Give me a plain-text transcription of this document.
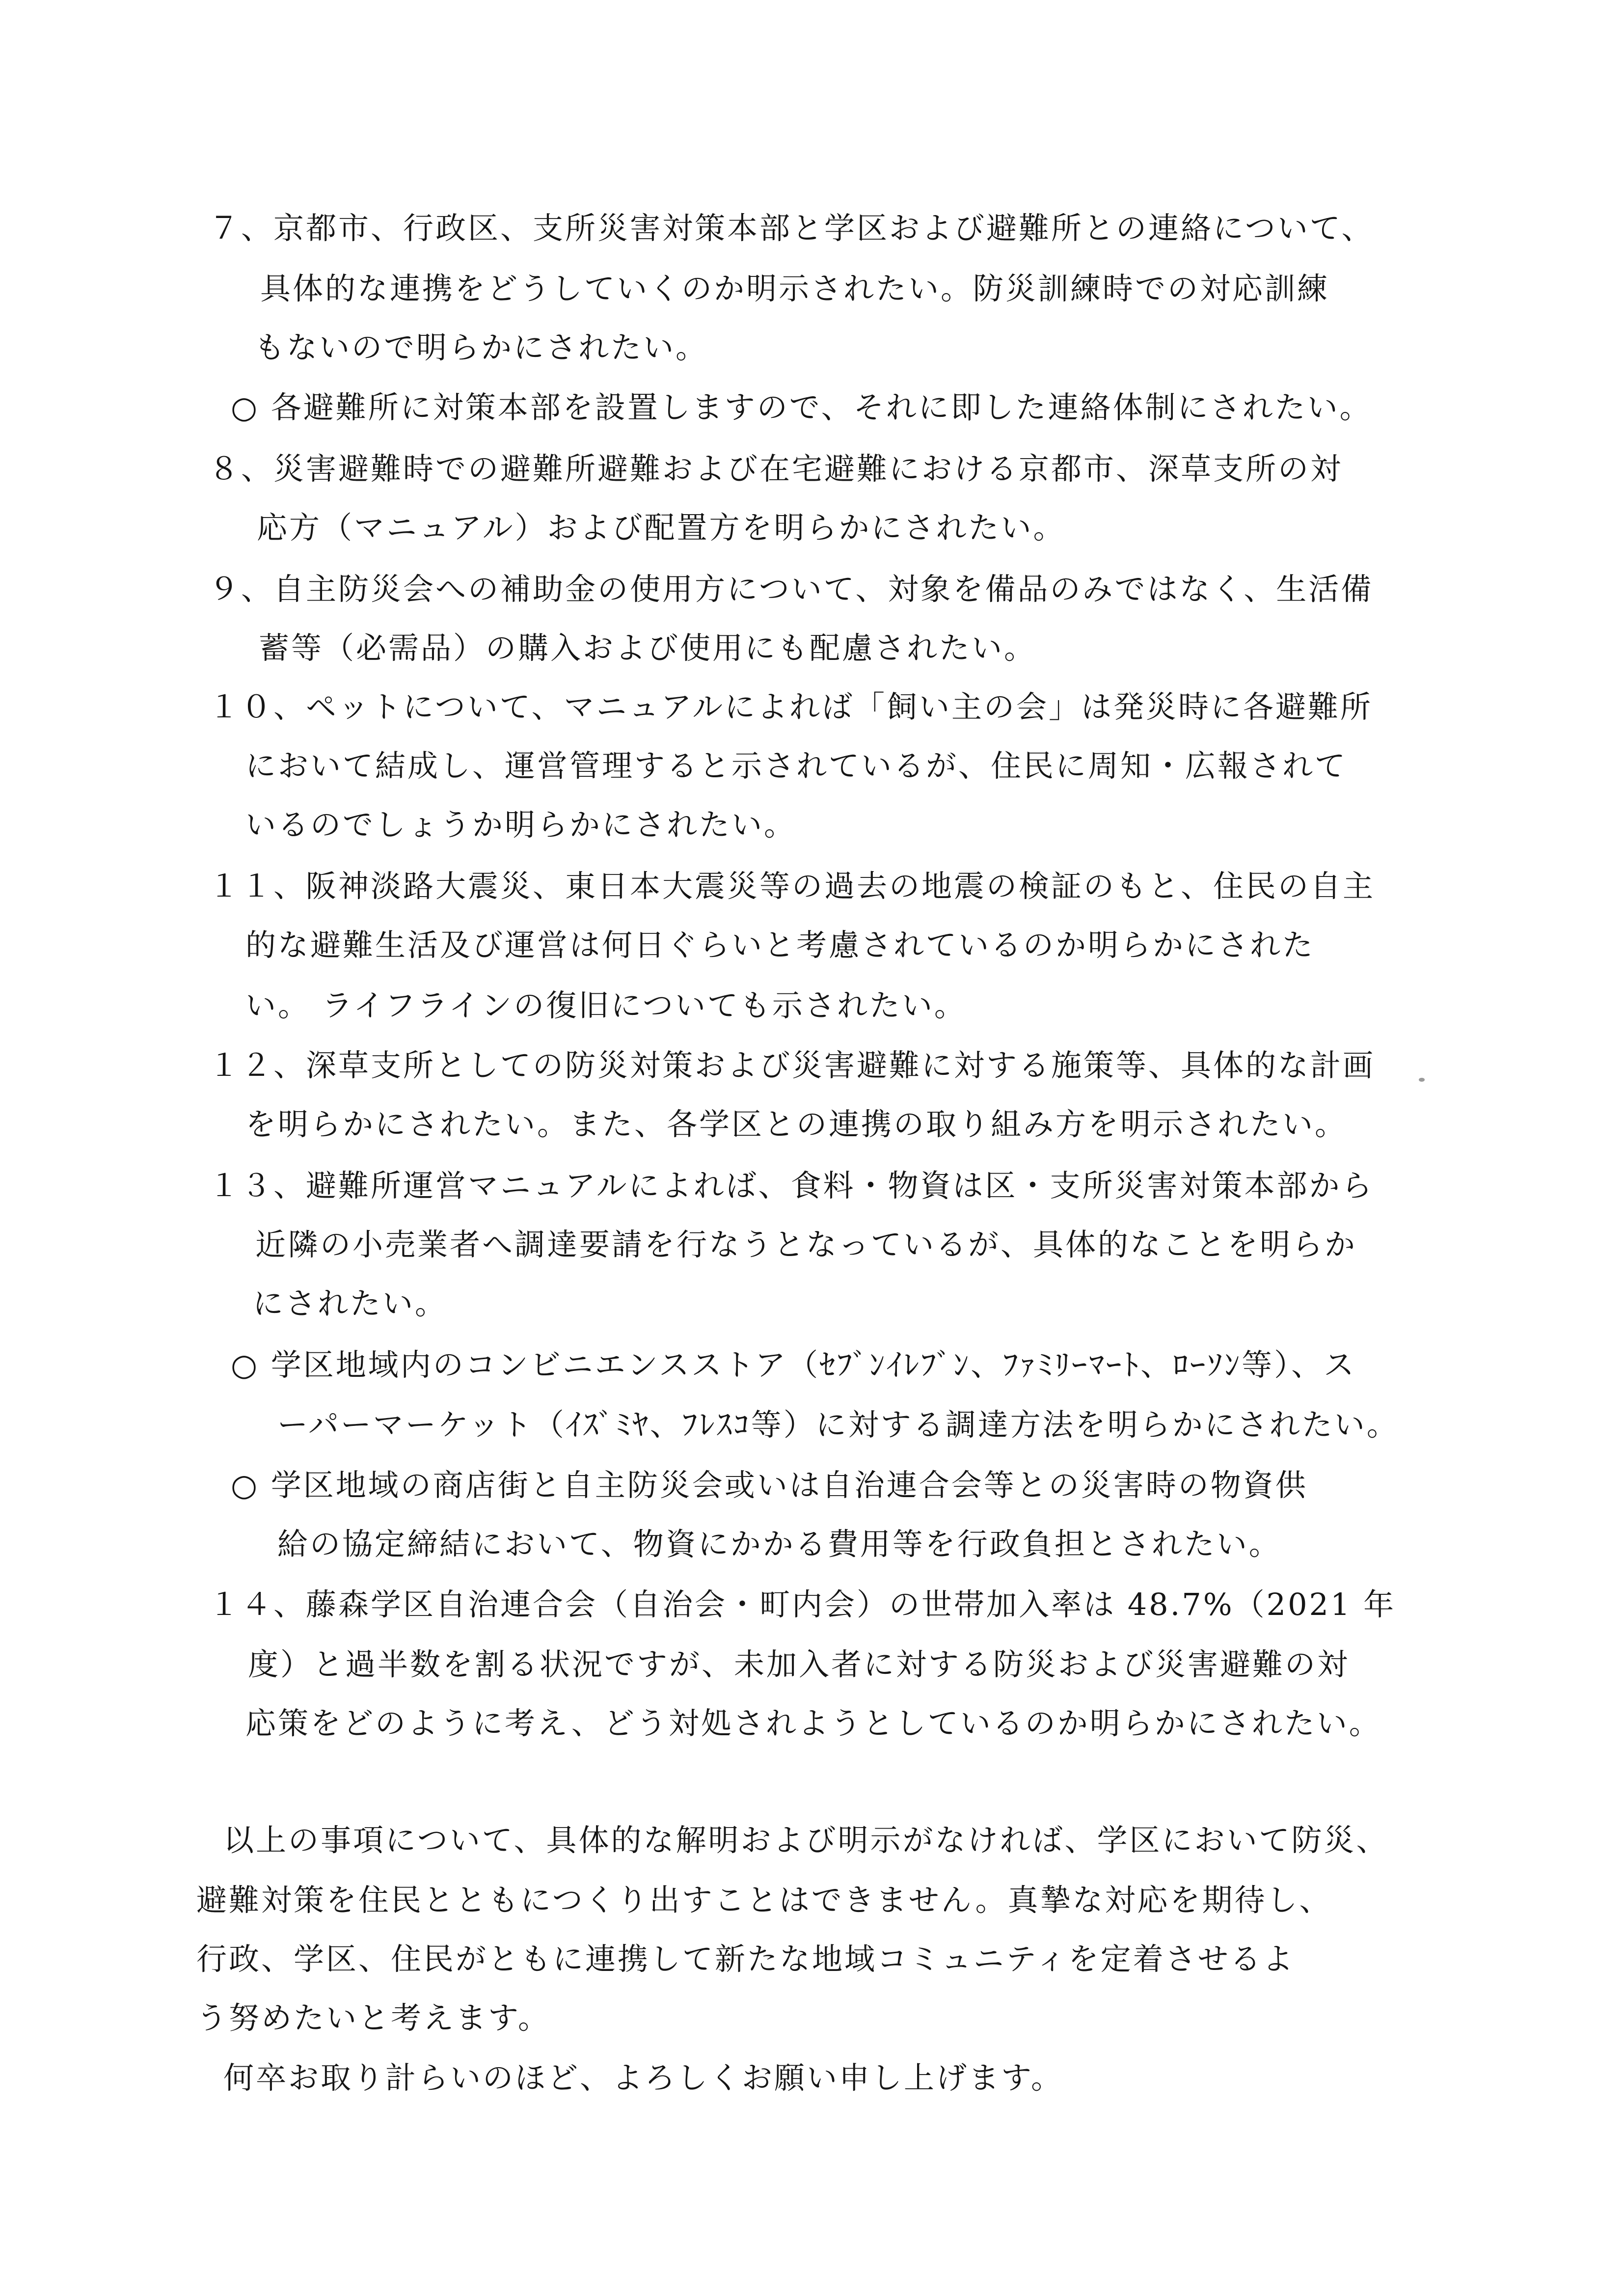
７、京都市、行政区、支所災害対策本部と学区および避難所との連絡について、
具体的な連携をどうしていくのか明示されたい。防災訓練時での対応訓練
もないので明らかにされたい。
○ 各避難所に対策本部を設置しますので、それに即した連絡体制にされたい。
８、災害避難時での避難所避難および在宅避難における京都市、深草支所の対
応方（マニュアル）および配置方を明らかにされたい。
９、自主防災会への補助金の使用方について、対象を備品のみではなく、生活備
蓄等（必需品）の購入および使用にも配慮されたい。
１０、ペットについて、マニュアルによれば「飼い主の会」は発災時に各避難所
において結成し、運営管理すると示されているが、住民に周知・広報されて
いるのでしょうか明らかにされたい。
１１、阪神淡路大震災、東日本大震災等の過去の地震の検証のもと、住民の自主
的な避難生活及び運営は何日ぐらいと考慮されているのか明らかにされた
い。 ライフラインの復旧についても示されたい。
１２、深草支所としての防災対策および災害避難に対する施策等、具体的な計画
を明らかにされたい。また、各学区との連携の取り組み方を明示されたい。
１３、避難所運営マニュアルによれば、食料・物資は区・支所災害対策本部から
近隣の小売業者へ調達要請を行なうとなっているが、具体的なことを明らか
にされたい。
○ 学区地域内のコンビニエンスストア（ｾﾌﾞﾝｲﾚﾌﾞﾝ、ﾌｧﾐﾘｰﾏｰﾄ、ﾛｰｿﾝ等）、ス
ーパーマーケット（ｲｽﾞﾐﾔ、ﾌﾚｽｺ等）に対する調達方法を明らかにされたい。
○ 学区地域の商店街と自主防災会或いは自治連合会等との災害時の物資供
給の協定締結において、物資にかかる費用等を行政負担とされたい。
１４、藤森学区自治連合会（自治会・町内会）の世帯加入率は 48.7%（2021 年
度）と過半数を割る状況ですが、未加入者に対する防災および災害避難の対
応策をどのように考え、どう対処されようとしているのか明らかにされたい。
以上の事項について、具体的な解明および明示がなければ、学区において防災、
避難対策を住民とともにつくり出すことはできません。真摯な対応を期待し、
行政、学区、住民がともに連携して新たな地域コミュニティを定着させるよ
う努めたいと考えます。
何卒お取り計らいのほど、よろしくお願い申し上げます。
